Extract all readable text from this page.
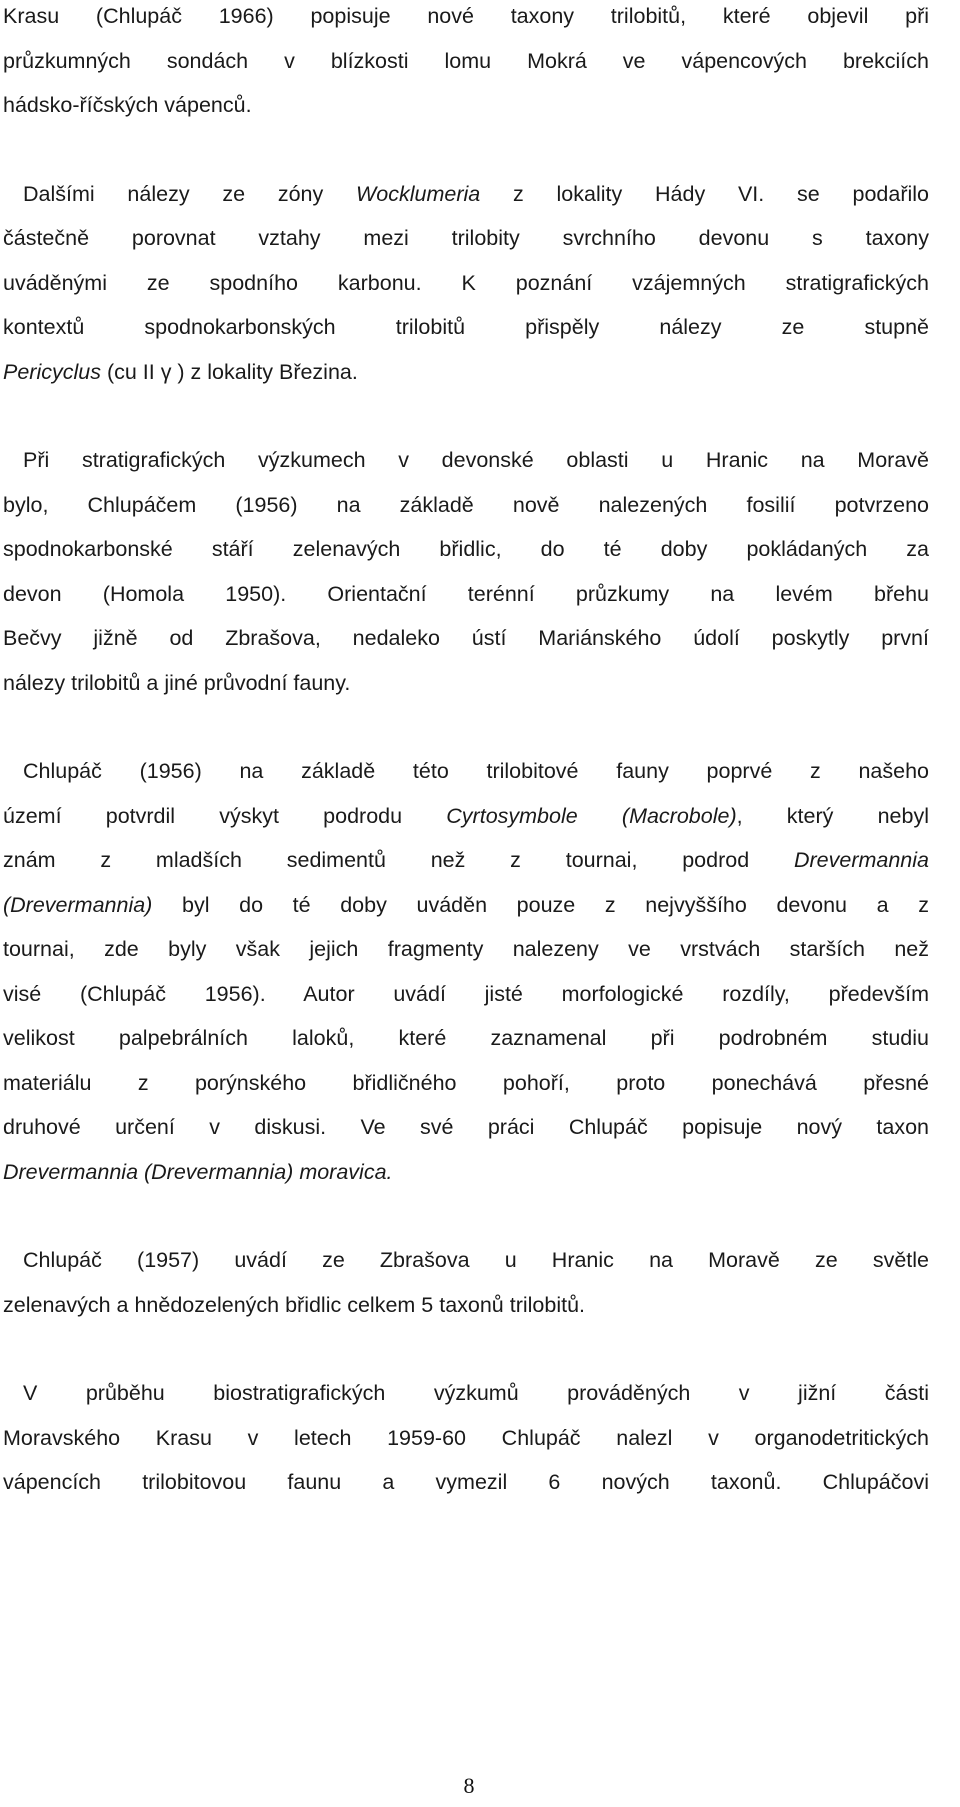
Krasu (Chlupáč 1966) popisuje nové taxony trilobitů, které objevil při
průzkumných sondách v blízkosti lomu Mokrá ve vápencových brekciích
hádsko-říčských vápenců.

Dalšími nálezy ze zóny Wocklumeria z lokality Hády VI. se podařilo
částečně porovnat vztahy mezi trilobity svrchního devonu s taxony
uváděnými ze spodního karbonu. K poznání vzájemných stratigrafických
kontextů spodnokarbonských trilobitů přispěly nálezy ze stupně
Pericyclus (cu II γ ) z lokality Březina.

Při stratigrafických výzkumech v devonské oblasti u Hranic na Moravě
bylo, Chlupáčem (1956) na základě nově nalezených fosilií potvrzeno
spodnokarbonské stáří zelenavých břidlic, do té doby pokládaných za
devon (Homola 1950). Orientační terénní průzkumy na levém břehu
Bečvy jižně od Zbrašova, nedaleko ústí Mariánského údolí poskytly první
nálezy trilobitů a jiné průvodní fauny.

Chlupáč (1956) na základě této trilobitové fauny poprvé z našeho
území potvrdil výskyt podrodu Cyrtosymbole (Macrobole), který nebyl
znám z mladších sedimentů než z tournai, podrod Drevermannia
(Drevermannia) byl do té doby uváděn pouze z nejvyššího devonu a z
tournai, zde byly však jejich fragmenty nalezeny ve vrstvách starších než
visé (Chlupáč 1956). Autor uvádí jisté morfologické rozdíly, především
velikost palpebrálních laloků, které zaznamenal při podrobném studiu
materiálu z porýnského břidličného pohoří, proto ponechává přesné
druhové určení v diskusi. Ve své práci Chlupáč popisuje nový taxon
Drevermannia (Drevermannia) moravica.

Chlupáč (1957) uvádí ze Zbrašova u Hranic na Moravě ze světle
zelenavých a hnědozelených břidlic celkem 5 taxonů trilobitů.

V průběhu biostratigrafických výzkumů prováděných v jižní části
Moravského Krasu v letech 1959-60 Chlupáč nalezl v organodetritických
vápencích trilobitovou faunu a vymezil 6 nových taxonů. Chlupáčovi

8
